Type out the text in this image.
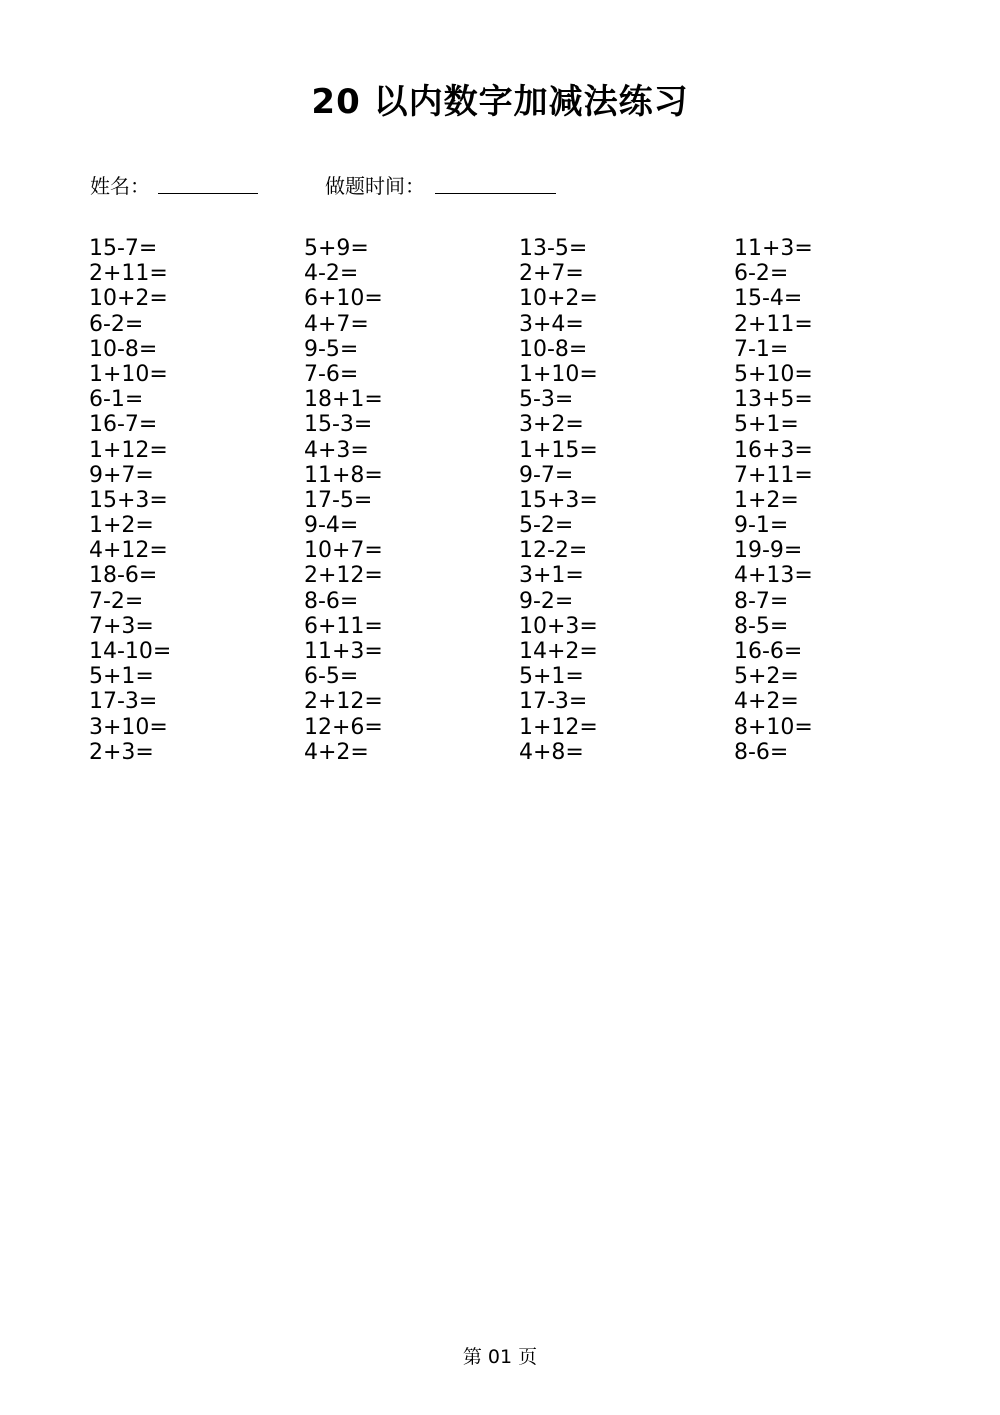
20 以内数字加减法练习
姓名：	做题时间：
15-7=
2+11=
10+2=
6-2=
10-8=
1+10=
6-1=
16-7=
1+12=
9+7=
15+3=
1+2=
4+12=
18-6=
7-2=
7+3=
14-10=
5+1=
17-3=
3+10=
2+3=
5+9=
4-2=
6+10=
4+7=
9-5=
7-6=
18+1=
15-3=
4+3=
11+8=
17-5=
9-4=
10+7=
2+12=
8-6=
6+11=
11+3=
6-5=
2+12=
12+6=
4+2=
13-5=
2+7=
10+2=
3+4=
10-8=
1+10=
5-3=
3+2=
1+15=
9-7=
15+3=
5-2=
12-2=
3+1=
9-2=
10+3=
14+2=
5+1=
17-3=
1+12=
4+8=
11+3=
6-2=
15-4=
2+11=
7-1=
5+10=
13+5=
5+1=
16+3=
7+11=
1+2=
9-1=
19-9=
4+13=
8-7=
8-5=
16-6=
5+2=
4+2=
8+10=
8-6=
第 01 页
